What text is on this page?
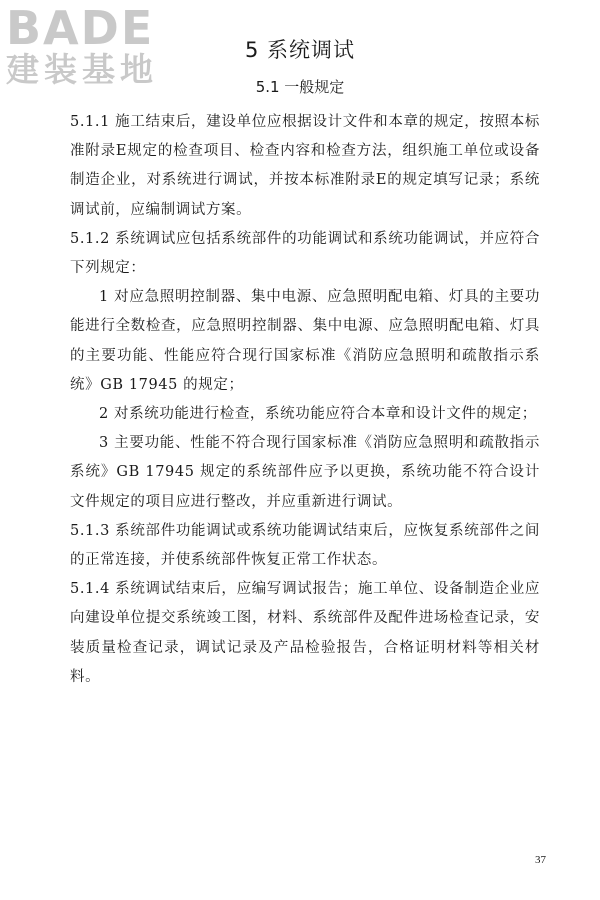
BADE
建装基地	5 系统调试
5.1 一般规定

5.1.1 施工结束后，建设单位应根据设计文件和本章的规定，按照本标准附录E规定的检查项目、检查内容和检查方法，组织施工单位或设备制造企业，对系统进行调试，并按本标准附录E的规定填写记录；系统调试前，应编制调试方案。

5.1.2 系统调试应包括系统部件的功能调试和系统功能调试，并应符合下列规定：

1 对应急照明控制器、集中电源、应急照明配电箱、灯具的主要功能进行全数检查，应急照明控制器、集中电源、应急照明配电箱、灯具的主要功能、性能应符合现行国家标准《消防应急照明和疏散指示系统》GB 17945 的规定；

2 对系统功能进行检查，系统功能应符合本章和设计文件的规定；

3 主要功能、性能不符合现行国家标准《消防应急照明和疏散指示系统》GB 17945 规定的系统部件应予以更换，系统功能不符合设计文件规定的项目应进行整改，并应重新进行调试。

5.1.3 系统部件功能调试或系统功能调试结束后，应恢复系统部件之间的正常连接，并使系统部件恢复正常工作状态。

5.1.4 系统调试结束后，应编写调试报告；施工单位、设备制造企业应向建设单位提交系统竣工图，材料、系统部件及配件进场检查记录，安装质量检查记录，调试记录及产品检验报告，合格证明材料等相关材料。

37
